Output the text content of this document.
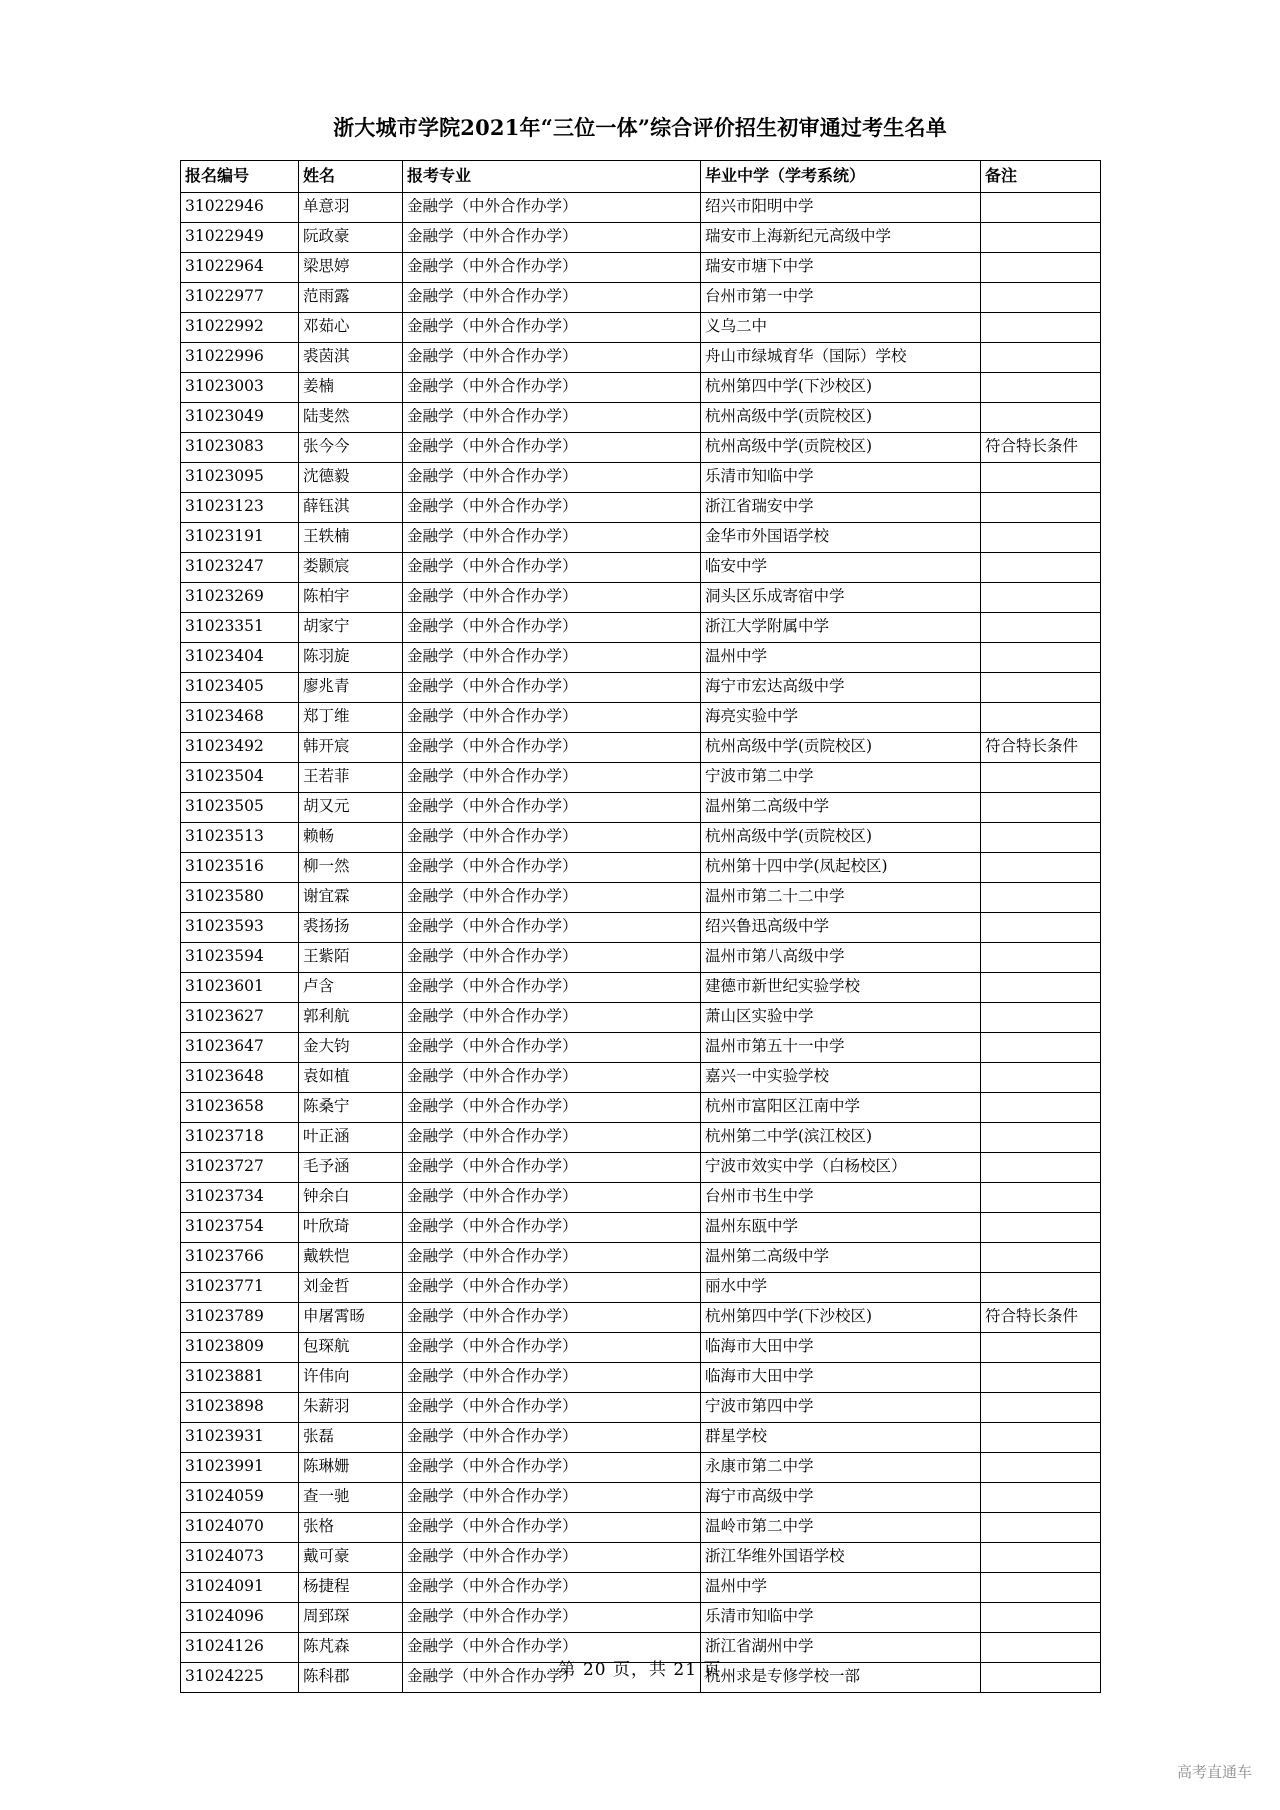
浙大城市学院2021年“三位一体”综合评价招生初审通过考生名单
报名编号	姓名	报考专业	毕业中学（学考系统）	备注
31022946	单意羽	金融学（中外合作办学）	绍兴市阳明中学	
31022949	阮政豪	金融学（中外合作办学）	瑞安市上海新纪元高级中学	
31022964	梁思婷	金融学（中外合作办学）	瑞安市塘下中学	
31022977	范雨露	金融学（中外合作办学）	台州市第一中学	
31022992	邓茹心	金融学（中外合作办学）	义乌二中	
31022996	裘茵淇	金融学（中外合作办学）	舟山市绿城育华（国际）学校	
31023003	姜楠	金融学（中外合作办学）	杭州第四中学(下沙校区)	
31023049	陆斐然	金融学（中外合作办学）	杭州高级中学(贡院校区)	
31023083	张今今	金融学（中外合作办学）	杭州高级中学(贡院校区)	符合特长条件
31023095	沈德毅	金融学（中外合作办学）	乐清市知临中学	
31023123	薛钰淇	金融学（中外合作办学）	浙江省瑞安中学	
31023191	王轶楠	金融学（中外合作办学）	金华市外国语学校	
31023247	娄颢宸	金融学（中外合作办学）	临安中学	
31023269	陈柏宇	金融学（中外合作办学）	洞头区乐成寄宿中学	
31023351	胡家宁	金融学（中外合作办学）	浙江大学附属中学	
31023404	陈羽旋	金融学（中外合作办学）	温州中学	
31023405	廖兆青	金融学（中外合作办学）	海宁市宏达高级中学	
31023468	郑丁维	金融学（中外合作办学）	海亮实验中学	
31023492	韩开宸	金融学（中外合作办学）	杭州高级中学(贡院校区)	符合特长条件
31023504	王若菲	金融学（中外合作办学）	宁波市第二中学	
31023505	胡又元	金融学（中外合作办学）	温州第二高级中学	
31023513	赖畅	金融学（中外合作办学）	杭州高级中学(贡院校区)	
31023516	柳一然	金融学（中外合作办学）	杭州第十四中学(凤起校区)	
31023580	谢宜霖	金融学（中外合作办学）	温州市第二十二中学	
31023593	裘扬扬	金融学（中外合作办学）	绍兴鲁迅高级中学	
31023594	王紫陌	金融学（中外合作办学）	温州市第八高级中学	
31023601	卢含	金融学（中外合作办学）	建德市新世纪实验学校	
31023627	郭利航	金融学（中外合作办学）	萧山区实验中学	
31023647	金大钧	金融学（中外合作办学）	温州市第五十一中学	
31023648	袁如植	金融学（中外合作办学）	嘉兴一中实验学校	
31023658	陈桑宁	金融学（中外合作办学）	杭州市富阳区江南中学	
31023718	叶正涵	金融学（中外合作办学）	杭州第二中学(滨江校区)	
31023727	毛予涵	金融学（中外合作办学）	宁波市效实中学（白杨校区）	
31023734	钟余白	金融学（中外合作办学）	台州市书生中学	
31023754	叶欣琦	金融学（中外合作办学）	温州东瓯中学	
31023766	戴轶恺	金融学（中外合作办学）	温州第二高级中学	
31023771	刘金哲	金融学（中外合作办学）	丽水中学	
31023789	申屠霄旸	金融学（中外合作办学）	杭州第四中学(下沙校区)	符合特长条件
31023809	包琛航	金融学（中外合作办学）	临海市大田中学	
31023881	许伟向	金融学（中外合作办学）	临海市大田中学	
31023898	朱薪羽	金融学（中外合作办学）	宁波市第四中学	
31023931	张磊	金融学（中外合作办学）	群星学校	
31023991	陈琳姗	金融学（中外合作办学）	永康市第二中学	
31024059	查一驰	金融学（中外合作办学）	海宁市高级中学	
31024070	张格	金融学（中外合作办学）	温岭市第二中学	
31024073	戴可豪	金融学（中外合作办学）	浙江华维外国语学校	
31024091	杨捷程	金融学（中外合作办学）	温州中学	
31024096	周郅琛	金融学（中外合作办学）	乐清市知临中学	
31024126	陈芃森	金融学（中外合作办学）	浙江省湖州中学	
31024225	陈科郡	金融学（中外合作办学）	杭州求是专修学校一部	
第 20 页，共 21 页
高考直通车
